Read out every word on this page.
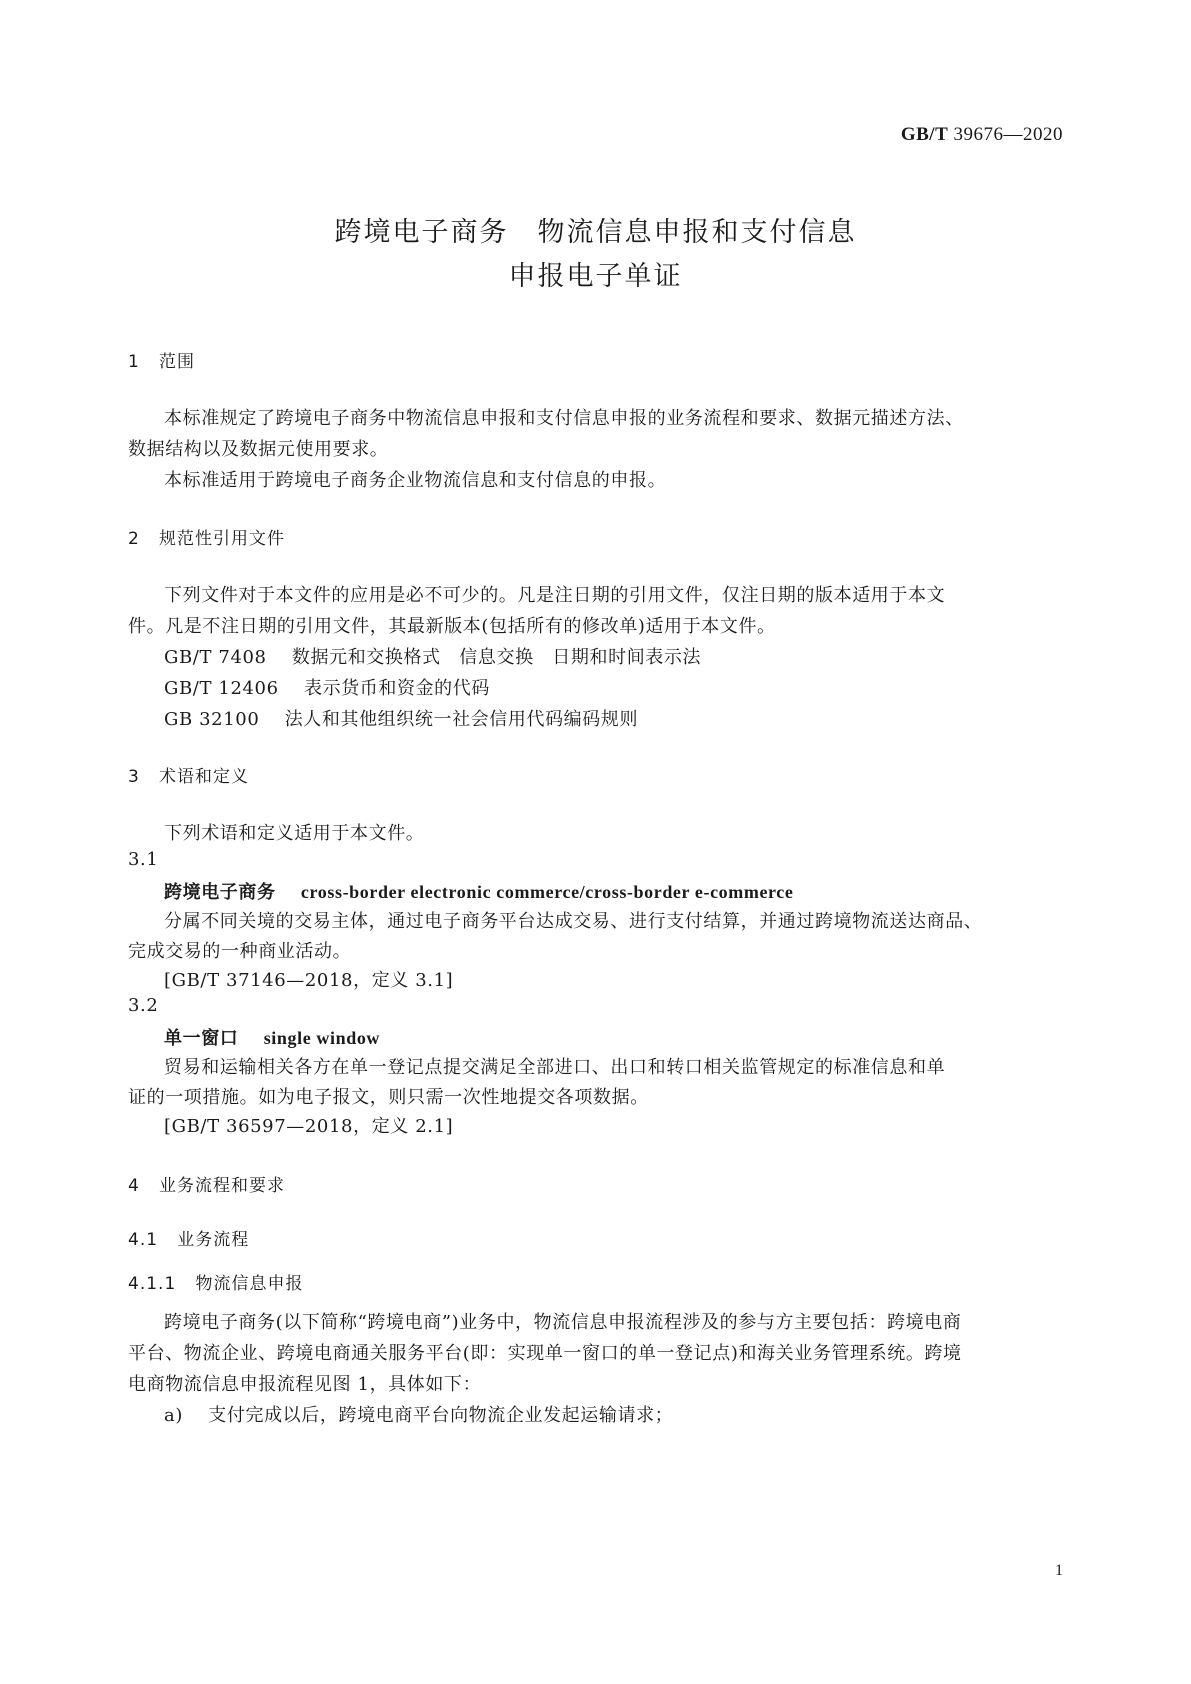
GB/T 39676—2020
跨境电子商务　物流信息申报和支付信息
申报电子单证
1 范围
本标准规定了跨境电子商务中物流信息申报和支付信息申报的业务流程和要求、数据元描述方法、
数据结构以及数据元使用要求。
本标准适用于跨境电子商务企业物流信息和支付信息的申报。
2 规范性引用文件
下列文件对于本文件的应用是必不可少的。凡是注日期的引用文件，仅注日期的版本适用于本文
件。凡是不注日期的引用文件，其最新版本(包括所有的修改单)适用于本文件。
GB/T 7408 数据元和交换格式　信息交换　日期和时间表示法
GB/T 12406 表示货币和资金的代码
GB 32100 法人和其他组织统一社会信用代码编码规则
3 术语和定义
下列术语和定义适用于本文件。
3.1
跨境电子商务 cross-border electronic commerce/cross-border e-commerce
分属不同关境的交易主体，通过电子商务平台达成交易、进行支付结算，并通过跨境物流送达商品、
完成交易的一种商业活动。
[GB/T 37146—2018，定义 3.1]
3.2
单一窗口 single window
贸易和运输相关各方在单一登记点提交满足全部进口、出口和转口相关监管规定的标准信息和单
证的一项措施。如为电子报文，则只需一次性地提交各项数据。
[GB/T 36597—2018，定义 2.1]
4 业务流程和要求
4.1 业务流程
4.1.1 物流信息申报
跨境电子商务(以下简称“跨境电商”)业务中，物流信息申报流程涉及的参与方主要包括：跨境电商
平台、物流企业、跨境电商通关服务平台(即：实现单一窗口的单一登记点)和海关业务管理系统。跨境
电商物流信息申报流程见图 1，具体如下：
a) 支付完成以后，跨境电商平台向物流企业发起运输请求；
1
